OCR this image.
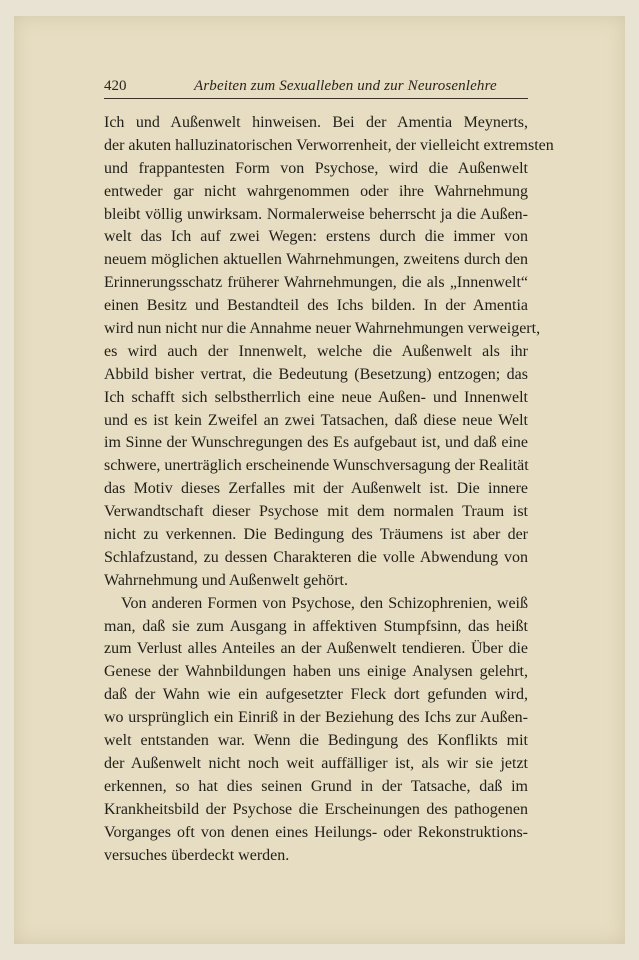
420	Arbeiten zum Sexualleben und zur Neurosenlehre
Ich und Außenwelt hinweisen. Bei der Amentia Meynerts,
der akuten halluzinatorischen Verworrenheit, der vielleicht extremsten
und frappantesten Form von Psychose, wird die Außenwelt
entweder gar nicht wahrgenommen oder ihre Wahrnehmung
bleibt völlig unwirksam. Normalerweise beherrscht ja die Außen-
welt das Ich auf zwei Wegen: erstens durch die immer von
neuem möglichen aktuellen Wahrnehmungen, zweitens durch den
Erinnerungsschatz früherer Wahrnehmungen, die als „Innenwelt“
einen Besitz und Bestandteil des Ichs bilden. In der Amentia
wird nun nicht nur die Annahme neuer Wahrnehmungen verweigert,
es wird auch der Innenwelt, welche die Außenwelt als ihr
Abbild bisher vertrat, die Bedeutung (Besetzung) entzogen; das
Ich schafft sich selbstherrlich eine neue Außen- und Innenwelt
und es ist kein Zweifel an zwei Tatsachen, daß diese neue Welt
im Sinne der Wunschregungen des Es aufgebaut ist, und daß eine
schwere, unerträglich erscheinende Wunschversagung der Realität
das Motiv dieses Zerfalles mit der Außenwelt ist. Die innere
Verwandtschaft dieser Psychose mit dem normalen Traum ist
nicht zu verkennen. Die Bedingung des Träumens ist aber der
Schlafzustand, zu dessen Charakteren die volle Abwendung von
Wahrnehmung und Außenwelt gehört.
Von anderen Formen von Psychose, den Schizophrenien, weiß
man, daß sie zum Ausgang in affektiven Stumpfsinn, das heißt
zum Verlust alles Anteiles an der Außenwelt tendieren. Über die
Genese der Wahnbildungen haben uns einige Analysen gelehrt,
daß der Wahn wie ein aufgesetzter Fleck dort gefunden wird,
wo ursprünglich ein Einriß in der Beziehung des Ichs zur Außen-
welt entstanden war. Wenn die Bedingung des Konflikts mit
der Außenwelt nicht noch weit auffälliger ist, als wir sie jetzt
erkennen, so hat dies seinen Grund in der Tatsache, daß im
Krankheitsbild der Psychose die Erscheinungen des pathogenen
Vorganges oft von denen eines Heilungs- oder Rekonstruktions-
versuches überdeckt werden.
